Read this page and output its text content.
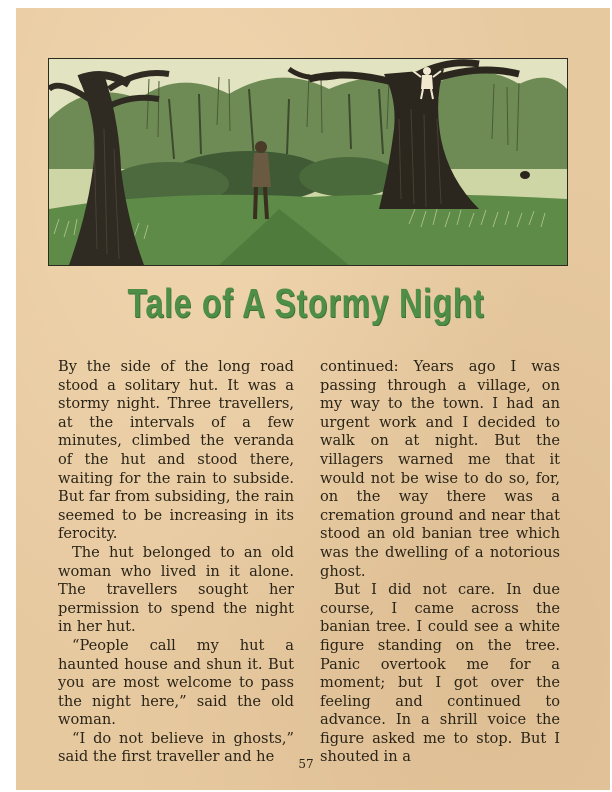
Tale of A Stormy Night

By the side of the long road stood a solitary hut. It was a stormy night. Three travellers, at the intervals of a few minutes, climbed the veranda of the hut and stood there, waiting for the rain to subside. But far from subsiding, the rain seemed to be increasing in its ferocity.

The hut belonged to an old woman who lived in it alone. The travellers sought her permission to spend the night in her hut.

“People call my hut a haunted house and shun it. But you are most welcome to pass the night here,” said the old woman.

“I do not believe in ghosts,” said the first traveller and he

continued: Years ago I was passing through a village, on my way to the town. I had an urgent work and I decided to walk on at night. But the villagers warned me that it would not be wise to do so, for, on the way there was a cremation ground and near that stood an old banian tree which was the dwelling of a notorious ghost.

But I did not care. In due course, I came across the banian tree. I could see a white figure standing on the tree. Panic overtook me for a moment; but I got over the feeling and continued to advance. In a shrill voice the figure asked me to stop. But I shouted in a

57
